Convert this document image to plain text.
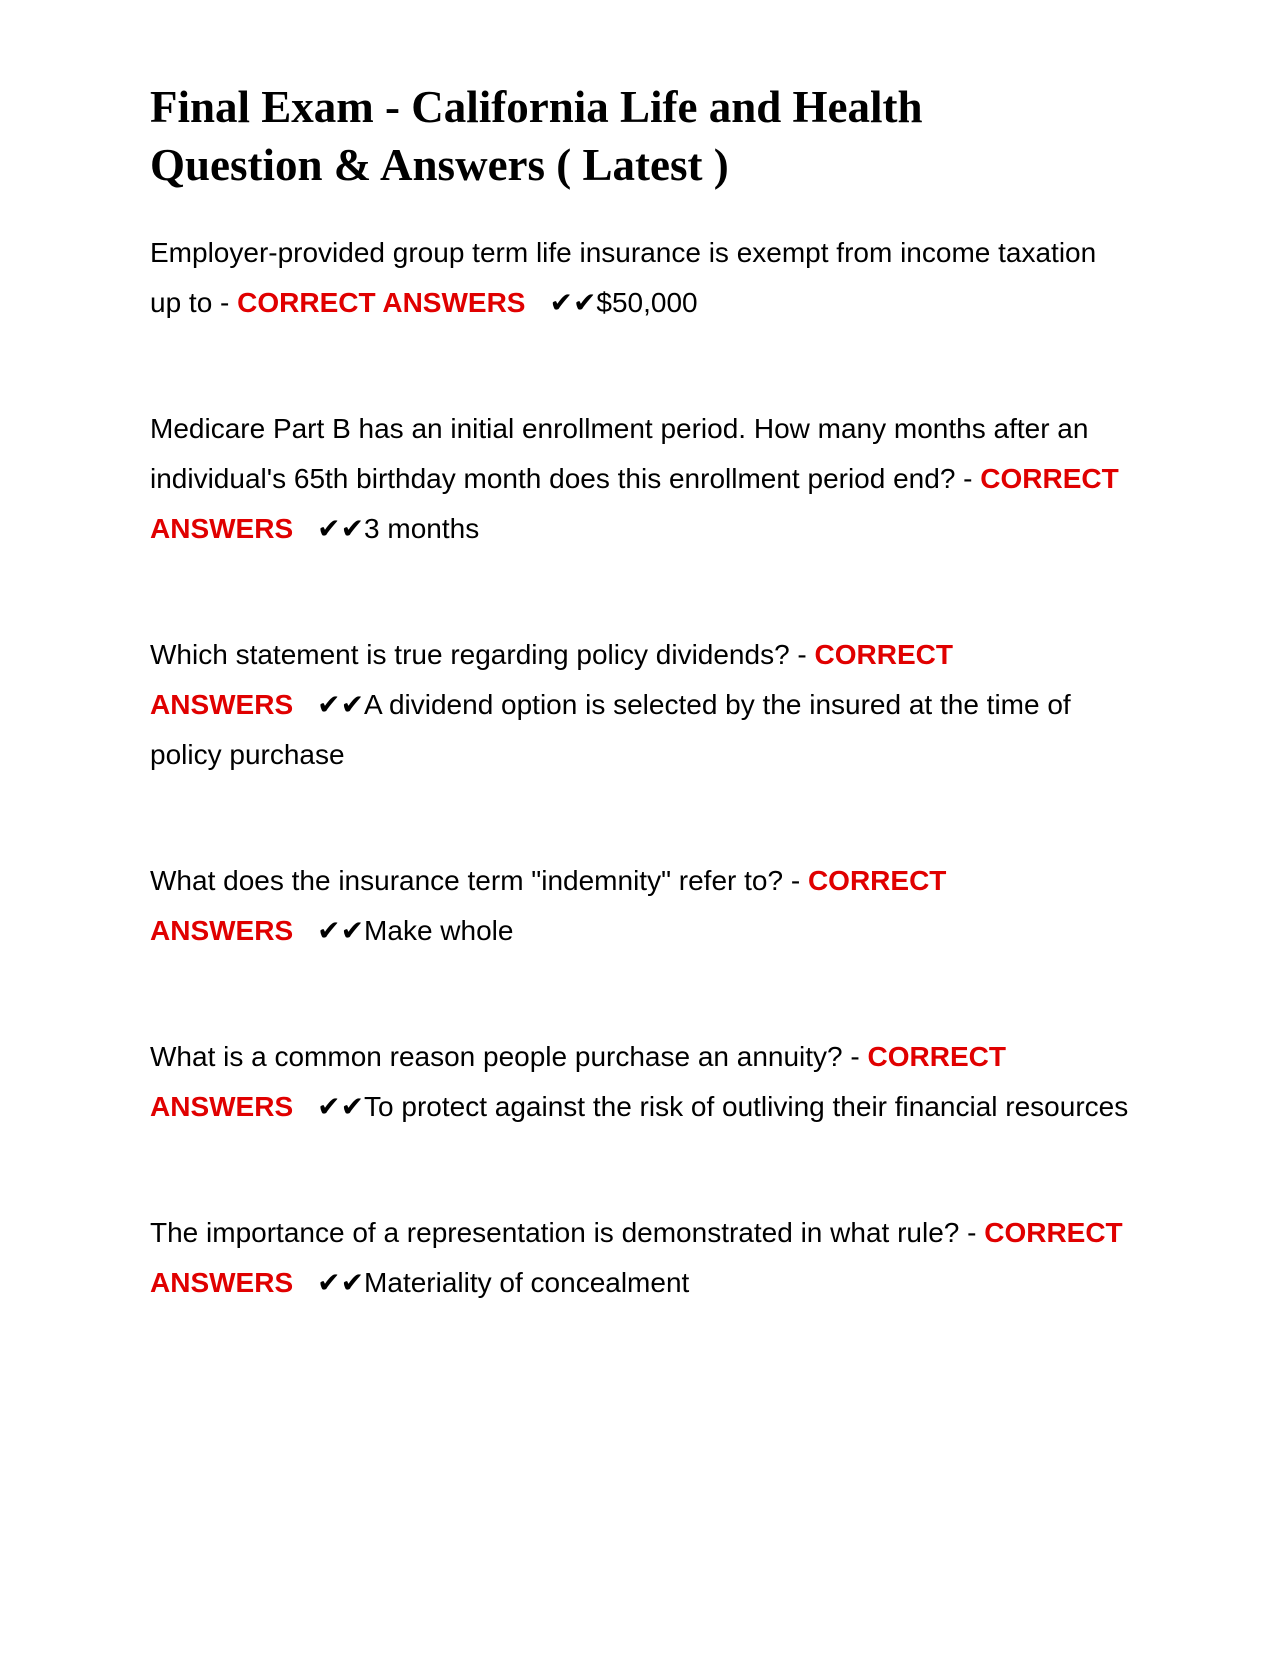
Final Exam - California Life and Health
Question & Answers ( Latest )

Employer-provided group term life insurance is exempt from income taxation up to - CORRECT ANSWERS ✔✔$50,000

Medicare Part B has an initial enrollment period. How many months after an individual's 65th birthday month does this enrollment period end? - CORRECT ANSWERS ✔✔3 months

Which statement is true regarding policy dividends? - CORRECT ANSWERS ✔✔A dividend option is selected by the insured at the time of policy purchase

What does the insurance term "indemnity" refer to? - CORRECT ANSWERS ✔✔Make whole

What is a common reason people purchase an annuity? - CORRECT ANSWERS ✔✔To protect against the risk of outliving their financial resources

The importance of a representation is demonstrated in what rule? - CORRECT ANSWERS ✔✔Materiality of concealment
